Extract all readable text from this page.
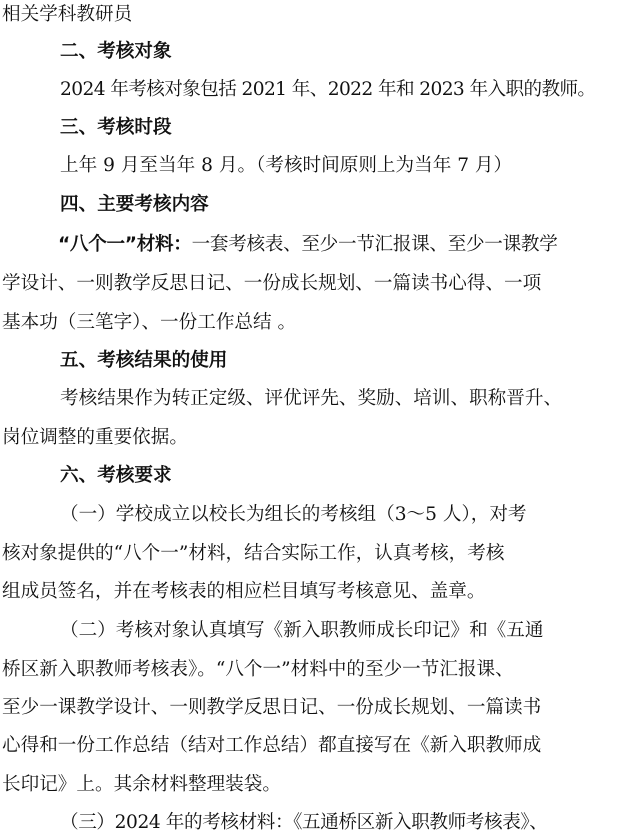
相关学科教研员
二、考核对象
2024 年考核对象包括 2021 年、2022 年和 2023 年入职的教师。
三、考核时段
上年 9 月至当年 8 月。（考核时间原则上为当年 7 月）
四、主要考核内容
“八个一”材料：一套考核表、至少一节汇报课、至少一课教学
学设计、一则教学反思日记、一份成长规划、一篇读书心得、一项
基本功（三笔字）、一份工作总结 。
五、考核结果的使用
考核结果作为转正定级、评优评先、奖励、培训、职称晋升、
岗位调整的重要依据。
六、考核要求
（一）学校成立以校长为组长的考核组（3～5 人），对考
核对象提供的“八个一”材料，结合实际工作，认真考核，考核
组成员签名，并在考核表的相应栏目填写考核意见、盖章。
（二）考核对象认真填写《新入职教师成长印记》和《五通
桥区新入职教师考核表》。“八个一”材料中的至少一节汇报课、
至少一课教学设计、一则教学反思日记、一份成长规划、一篇读书
心得和一份工作总结（结对工作总结）都直接写在《新入职教师成
长印记》上。其余材料整理装袋。
（三）2024 年的考核材料：《五通桥区新入职教师考核表》、
